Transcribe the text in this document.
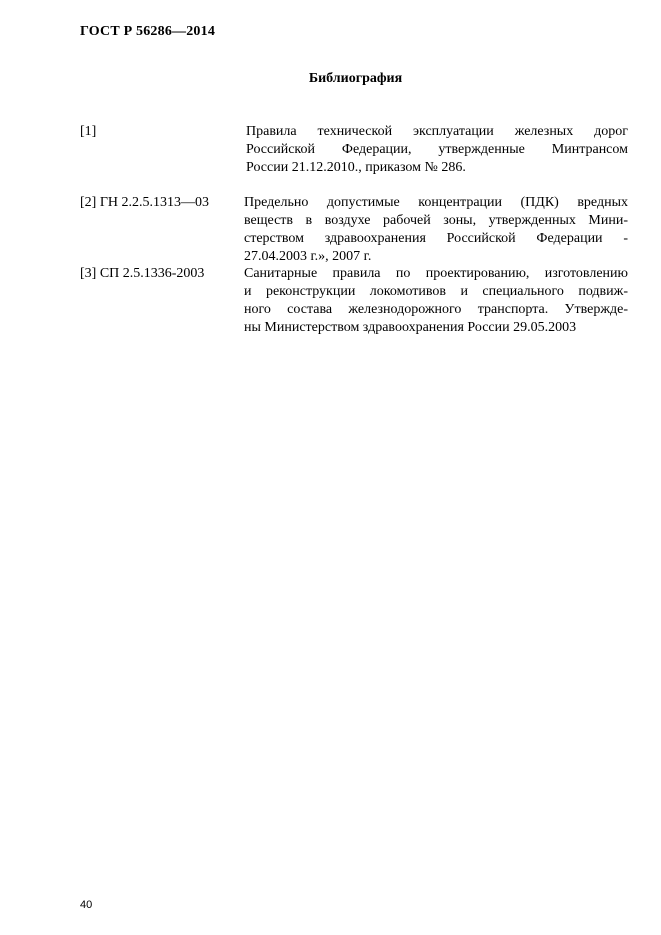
ГОСТ Р 56286—2014
Библиография
[1]	Правила технической эксплуатации железных дорог
Российской Федерации, утвержденные Минтрансом
России 21.12.2010., приказом № 286.
[2] ГН 2.2.5.1313—03 Предельно допустимые концентрации (ПДК) вредных
веществ в воздухе рабочей зоны, утвержденных Мини-
стерством здравоохранения Российской Федерации -
27.04.2003 г.», 2007 г.
[3] СП 2.5.1336-2003	Санитарные правила по проектированию, изготовлению
и реконструкции локомотивов и специального подвиж-
ного состава железнодорожного транспорта. Утвержде-
ны Министерством здравоохранения России 29.05.2003
40
